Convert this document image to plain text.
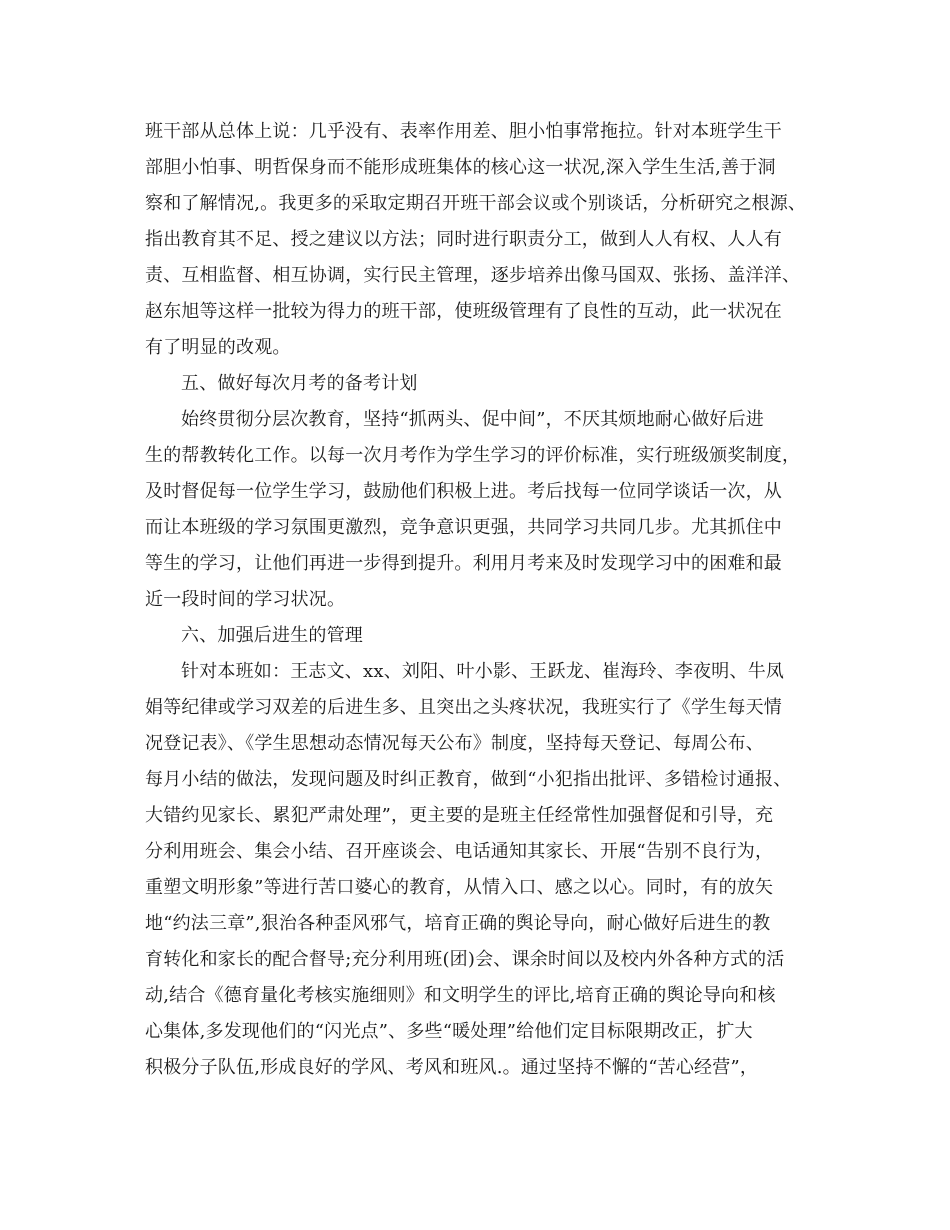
班干部从总体上说：几乎没有、表率作用差、胆小怕事常拖拉。针对本班学生干
部胆小怕事、明哲保身而不能形成班集体的核心这一状况,深入学生生活,善于洞
察和了解情况,。我更多的采取定期召开班干部会议或个别谈话，分析研究之根源、
指出教育其不足、授之建议以方法；同时进行职责分工，做到人人有权、人人有
责、互相监督、相互协调，实行民主管理，逐步培养出像马国双、张扬、盖洋洋、
赵东旭等这样一批较为得力的班干部，使班级管理有了良性的互动，此一状况在
有了明显的改观。
五、做好每次月考的备考计划
始终贯彻分层次教育，坚持“抓两头、促中间”，不厌其烦地耐心做好后进
生的帮教转化工作。以每一次月考作为学生学习的评价标准，实行班级颁奖制度，
及时督促每一位学生学习，鼓励他们积极上进。考后找每一位同学谈话一次，从
而让本班级的学习氛围更激烈，竞争意识更强，共同学习共同几步。尤其抓住中
等生的学习，让他们再进一步得到提升。利用月考来及时发现学习中的困难和最
近一段时间的学习状况。
六、加强后进生的管理
针对本班如：王志文、xx、刘阳、叶小影、王跃龙、崔海玲、李夜明、牛凤
娟等纪律或学习双差的后进生多、且突出之头疼状况，我班实行了《学生每天情
况登记表》、《学生思想动态情况每天公布》制度，坚持每天登记、每周公布、
每月小结的做法，发现问题及时纠正教育，做到“小犯指出批评、多错检讨通报、
大错约见家长、累犯严肃处理”，更主要的是班主任经常性加强督促和引导，充
分利用班会、集会小结、召开座谈会、电话通知其家长、开展“告别不良行为，
重塑文明形象”等进行苦口婆心的教育，从情入口、感之以心。同时，有的放矢
地“约法三章”,狠治各种歪风邪气，培育正确的舆论导向，耐心做好后进生的教
育转化和家长的配合督导;充分利用班(团)会、课余时间以及校内外各种方式的活
动,结合《德育量化考核实施细则》和文明学生的评比,培育正确的舆论导向和核
心集体,多发现他们的“闪光点”、多些“暖处理”给他们定目标限期改正，扩大
积极分子队伍,形成良好的学风、考风和班风.。通过坚持不懈的“苦心经营”，
